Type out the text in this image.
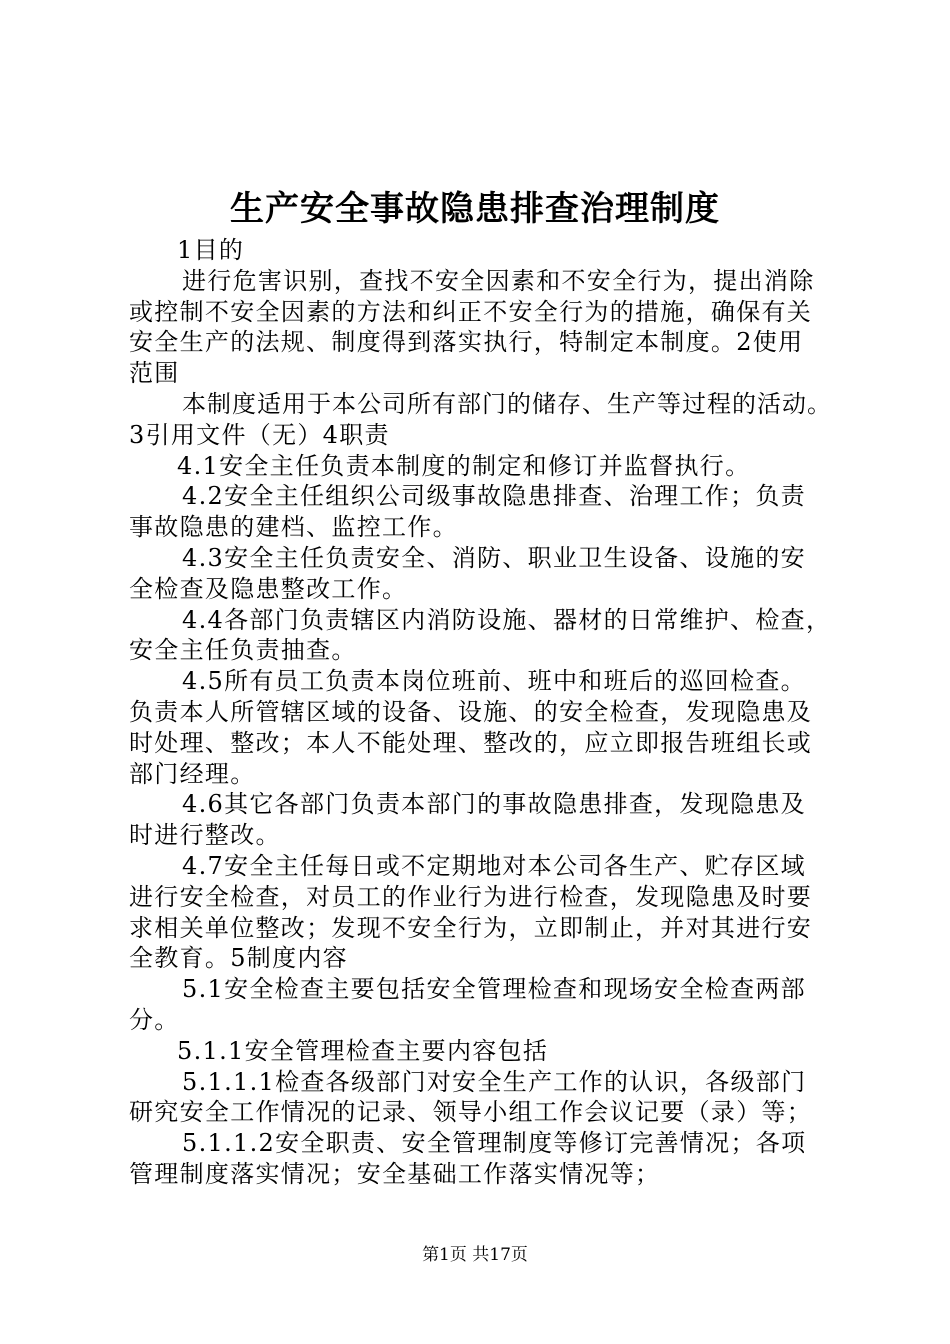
生产安全事故隐患排查治理制度
1目的
进行危害识别，查找不安全因素和不安全行为，提出消除
或控制不安全因素的方法和纠正不安全行为的措施，确保有关
安全生产的法规、制度得到落实执行，特制定本制度。2使用
范围
本制度适用于本公司所有部门的储存、生产等过程的活动。
3引用文件（无）4职责
4.1安全主任负责本制度的制定和修订并监督执行。
4.2安全主任组织公司级事故隐患排查、治理工作；负责
事故隐患的建档、监控工作。
4.3安全主任负责安全、消防、职业卫生设备、设施的安
全检查及隐患整改工作。
4.4各部门负责辖区内消防设施、器材的日常维护、检查，
安全主任负责抽查。
4.5所有员工负责本岗位班前、班中和班后的巡回检查。
负责本人所管辖区域的设备、设施、的安全检查，发现隐患及
时处理、整改；本人不能处理、整改的，应立即报告班组长或
部门经理。
4.6其它各部门负责本部门的事故隐患排查，发现隐患及
时进行整改。
4.7安全主任每日或不定期地对本公司各生产、贮存区域
进行安全检查，对员工的作业行为进行检查，发现隐患及时要
求相关单位整改；发现不安全行为，立即制止，并对其进行安
全教育。5制度内容
5.1安全检查主要包括安全管理检查和现场安全检查两部
分。
5.1.1安全管理检查主要内容包括
5.1.1.1检查各级部门对安全生产工作的认识，各级部门
研究安全工作情况的记录、领导小组工作会议记要（录）等；
5.1.1.2安全职责、安全管理制度等修订完善情况；各项
管理制度落实情况；安全基础工作落实情况等；
第1页 共17页
